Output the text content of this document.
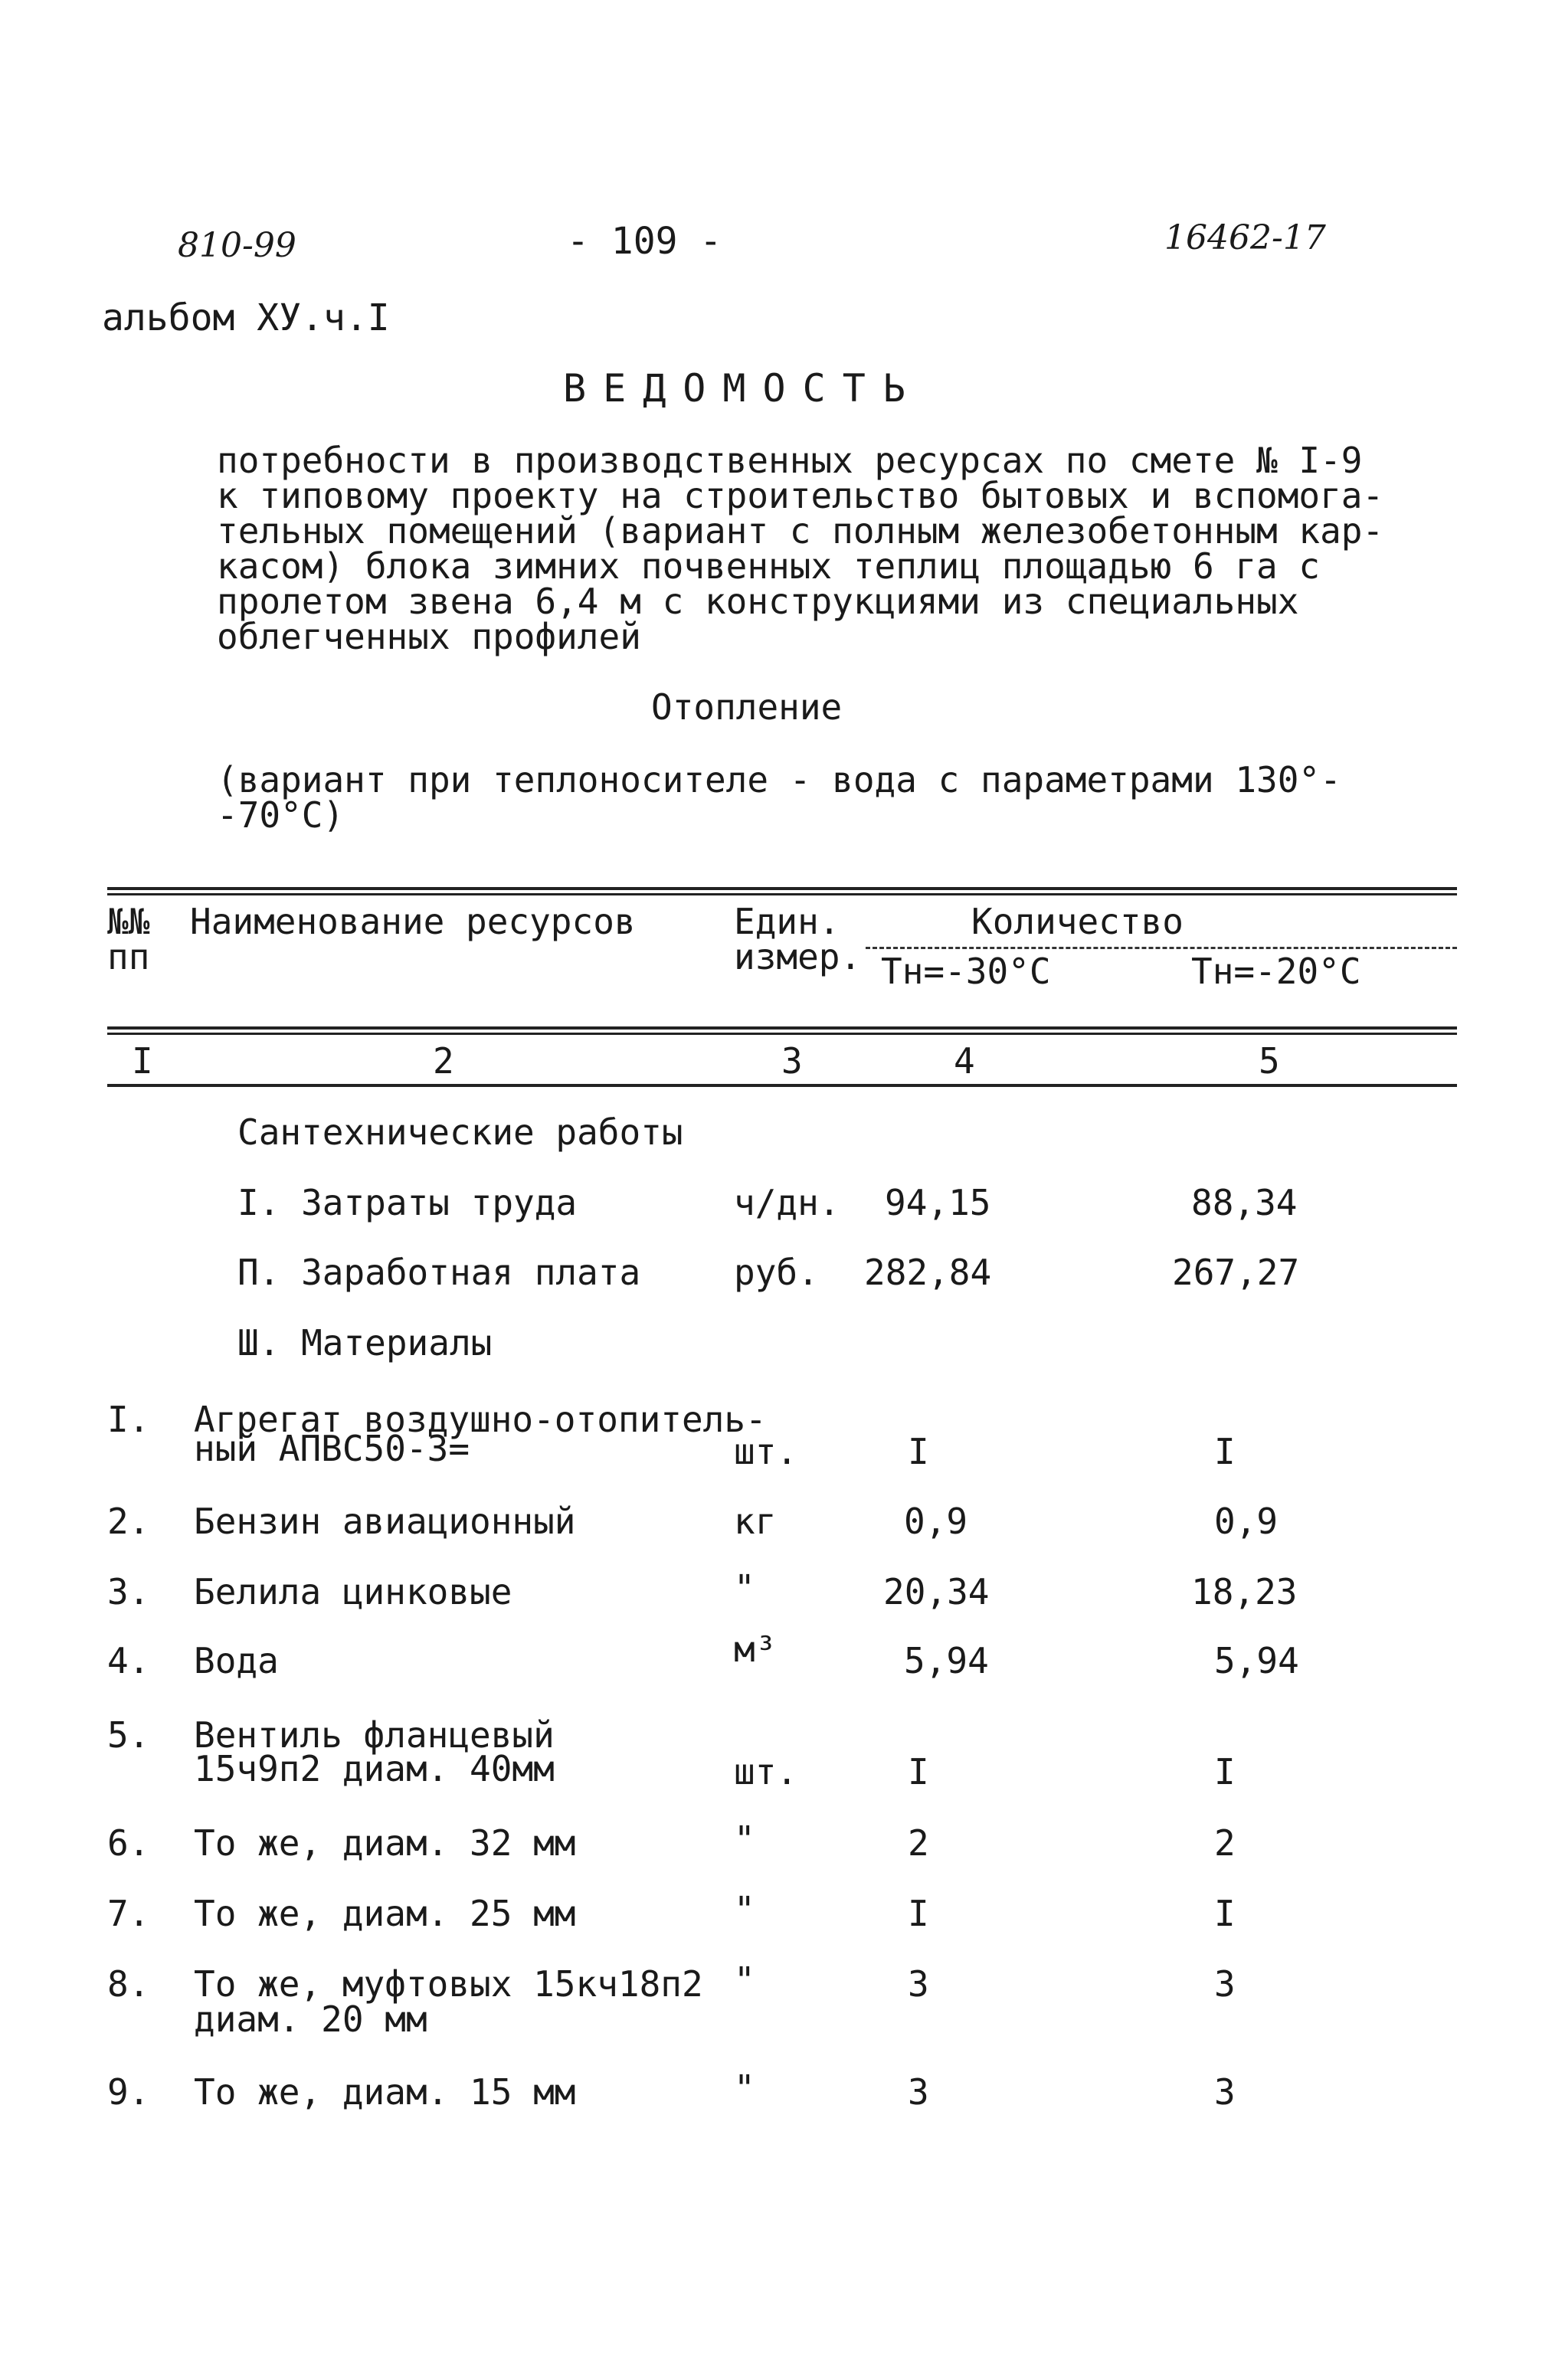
810-99	- 109 -	16462-17
альбом ХУ.ч.I
ВЕДОМОСТЬ
потребности в производственных ресурсах по смете № I-9
к типовому проекту на строительство бытовых и вспомога-
тельных помещений (вариант с полным железобетонным кар-
касом) блока зимних почвенных теплиц площадью 6 га с
пролетом звена 6,4 м с конструкциями из специальных
облегченных профилей
Отопление
(вариант при теплоносителе - вода с параметрами 130°-
-70°C)
№№
пп
Наименование ресурсов	Един.
измер.
Количество
Тн=-30°С	Тн=-20°С
I	2	3	4	5
Сантехнические работы
I. Затраты труда	ч/дн. 94,15	88,34
П. Заработная плата	руб. 282,84	267,27
Ш. Материалы
I. Агрегат воздушно-отопитель-
ный АПВС50-3=	шт.	I	I
2. Бензин авиационный	кг	0,9	0,9
3. Белила цинковые	"	20,34	18,23
4. Вода	м³	5,94	5,94
5. Вентиль фланцевый
15ч9п2 диам. 40мм	шт.	I	I
6. То же, диам. 32 мм	"	2	2
7. То же, диам. 25 мм	"	I	I
8. То же, муфтовых 15кч18п2
диам. 20 мм
"	3	3
9. То же, диам. 15 мм	"	3	3
